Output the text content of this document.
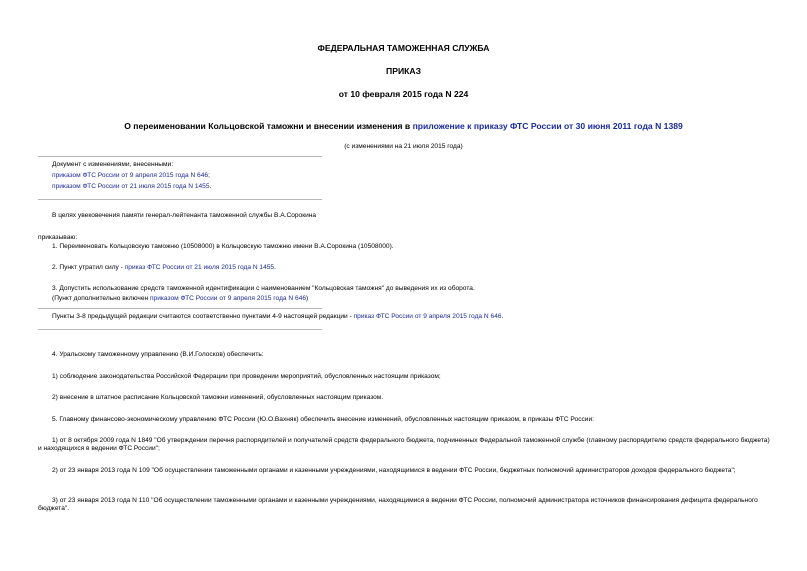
ФЕДЕРАЛЬНАЯ ТАМОЖЕННАЯ СЛУЖБА
ПРИКАЗ
от 10 февраля 2015 года N 224
О переименовании Кольцовской таможни и внесении изменения в приложение к приказу ФТС России от 30 июня 2011 года N 1389
(с изменениями на 21 июля 2015 года)
Документ с изменениями, внесенными:
приказом ФТС России от 9 апреля 2015 года N 646;
приказом ФТС России от 21 июля 2015 года N 1455.
В целях увековечения памяти генерал-лейтенанта таможенной службы В.А.Сорокина
приказываю:
1. Переименовать Кольцовскую таможню (10508000) в Кольцовскую таможню имени В.А.Сорокина (10508000).
2. Пункт утратил силу - приказ ФТС России от 21 июля 2015 года N 1455.
3. Допустить использование средств таможенной идентификации с наименованием "Кольцовская таможня" до выведения их из оборота.
(Пункт дополнительно включен приказом ФТС России от 9 апреля 2015 года N 646)
Пункты 3-8 предыдущей редакции считаются соответственно пунктами 4-9 настоящей редакции - приказ ФТС России от 9 апреля 2015 года N 646.
4. Уральскому таможенному управлению (В.И.Голосков) обеспечить:
1) соблюдение законодательства Российской Федерации при проведении мероприятий, обусловленных настоящим приказом;
2) внесение в штатное расписание Кольцовской таможни изменений, обусловленных настоящим приказом.
5. Главному финансово-экономическому управлению ФТС России (Ю.О.Вахняк) обеспечить внесение изменений, обусловленных настоящим приказом, в приказы ФТС России:
1) от 8 октября 2009 года N 1849 "Об утверждении перечня распорядителей и получателей средств федерального бюджета, подчиненных Федеральной таможенной службе (главному распорядителю средств федерального бюджета) и находящихся в ведении ФТС России";
2) от 23 января 2013 года N 109 "Об осуществлении таможенными органами и казенными учреждениями, находящимися в ведении ФТС России, бюджетных полномочий администраторов доходов федерального бюджета";
3) от 23 января 2013 года N 110 "Об осуществлении таможенными органами и казенными учреждениями, находящимися в ведении ФТС России, полномочий администратора источников финансирования дефицита федерального бюджета".
